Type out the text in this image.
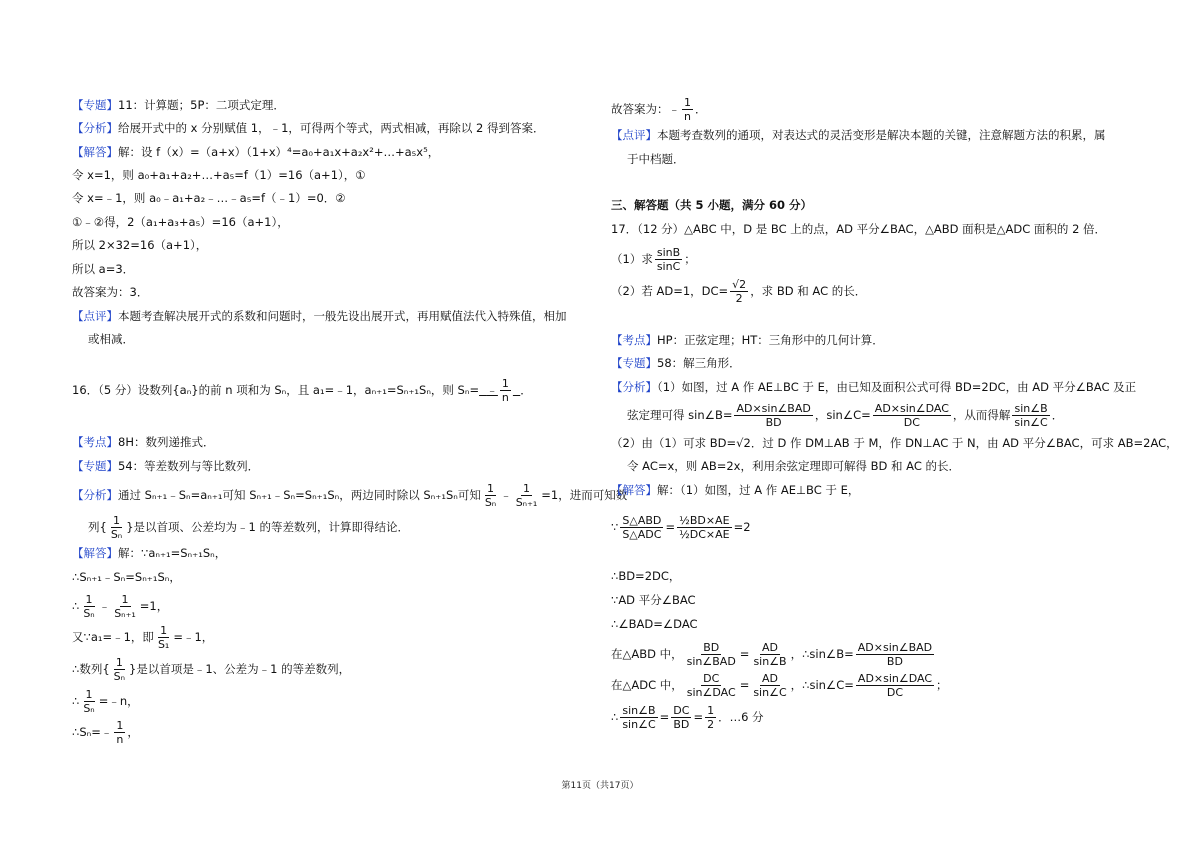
【专题】11：计算题；5P：二项式定理．
【分析】给展开式中的 x 分别赋值 1，﹣1，可得两个等式，两式相减，再除以 2 得到答案．
【解答】解：设 f（x）=（a+x）（1+x）⁴=a₀+a₁x+a₂x²+…+a₅x⁵，
令 x=1，则 a₀+a₁+a₂+…+a₅=f（1）=16（a+1），①
令 x=﹣1，则 a₀﹣a₁+a₂﹣…﹣a₅=f（﹣1）=0．②
①﹣②得，2（a₁+a₃+a₅）=16（a+1），
所以 2×32=16（a+1），
所以 a=3．
故答案为：3．
【点评】本题考查解决展开式的系数和问题时，一般先设出展开式，再用赋值法代入特殊值，相加
或相减．
16．（5 分）设数列{aₙ}的前 n 项和为 Sₙ，且 a₁=﹣1，aₙ₊₁=Sₙ₊₁Sₙ，则 Sₙ= ﹣ $\frac{1}{n}$ ．
【考点】8H：数列递推式．
【专题】54：等差数列与等比数列．
【分析】通过 Sₙ₊₁﹣Sₙ=aₙ₊₁可知 Sₙ₊₁﹣Sₙ=Sₙ₊₁Sₙ，两边同时除以 Sₙ₊₁Sₙ可知 $\frac{1}{\text{Sₙ}}$ ﹣ $\frac{1}{\text{Sₙ₊₁}} =1$，进而可知数
列{ $\frac{1}{\text{Sₙ}}$ }是以首项、公差均为﹣1 的等差数列，计算即得结论．
【解答】解：∵aₙ₊₁=Sₙ₊₁Sₙ，
∴Sₙ₊₁﹣Sₙ=Sₙ₊₁Sₙ，
∴ $\frac{1}{\text{Sₙ}}$ ﹣ $\frac{1}{\text{Sₙ₊₁}} =1$，
又∵a₁=﹣1，即 $\frac{1}{\text{S₁}}$ =﹣1，
∴数列{ $\frac{1}{\text{Sₙ}}$ }是以首项是﹣1、公差为﹣1 的等差数列，
∴ $\frac{1}{\text{Sₙ}}$ =﹣n，
∴Sₙ=﹣ $\frac{1}{n}$ ，
故答案为：﹣ $\frac{1}{n}$ ．
【点评】本题考查数列的通项，对表达式的灵活变形是解决本题的关键，注意解题方法的积累，属
于中档题．
三、解答题（共 5 小题，满分 60 分）
17．（12 分）△ABC 中，D 是 BC 上的点，AD 平分∠BAC，△ABD 面积是△ADC 面积的 2 倍．
（1）求 $\frac{\sin B}{\sin C}$ ；
（2）若 AD=1，$DC= \frac{√2}{2}$ ，求 BD 和 AC 的长．
【考点】HP：正弦定理；HT：三角形中的几何计算．
【专题】58：解三角形．
【分析】（1）如图，过 A 作 AE⊥BC 于 E，由已知及面积公式可得 BD=2DC，由 AD 平分∠BAC 及正
弦定理可得 sin∠B= $\frac{\text{AD×sin∠BAD}}{BD}$ ，sin∠C= $\frac{\text{AD×sin∠DAC}}{DC}$ ，从而得解 $\frac{\sin\angle B}{\sin\angle C}$ ．
（2）由（1）可求 BD=√2．过 D 作 DM⊥AB 于 M，作 DN⊥AC 于 N，由 AD 平分∠BAC，可求 AB=2AC，
令 AC=x，则 AB=2x，利用余弦定理即可解得 BD 和 AC 的长．
【解答】解：（1）如图，过 A 作 AE⊥BC 于 E，
∵ $\frac{\text{S△ABD}}{\text{S△ADC}} = \frac{\text{½BD×AE}}{\text{½DC×AE}} =2$
∴BD=2DC，
∵AD 平分∠BAC
∴∠BAD=∠DAC
在△ABD 中， $\frac{BD}{\text{sin∠BAD}} = \frac{AD}{\sin\angle B}$ ，∴sin∠B= $\frac{\text{AD×sin∠BAD}}{BD}$
在△ADC 中， $\frac{DC}{\text{sin∠DAC}} = \frac{AD}{\sin\angle C}$ ，∴sin∠C= $\frac{\text{AD×sin∠DAC}}{DC}$ ；
∴ $\frac{\sin\angle B}{\sin\angle C} = \frac{DC}{BD} = \frac{1}{2}$ ．…6 分
第11页（共17页）
